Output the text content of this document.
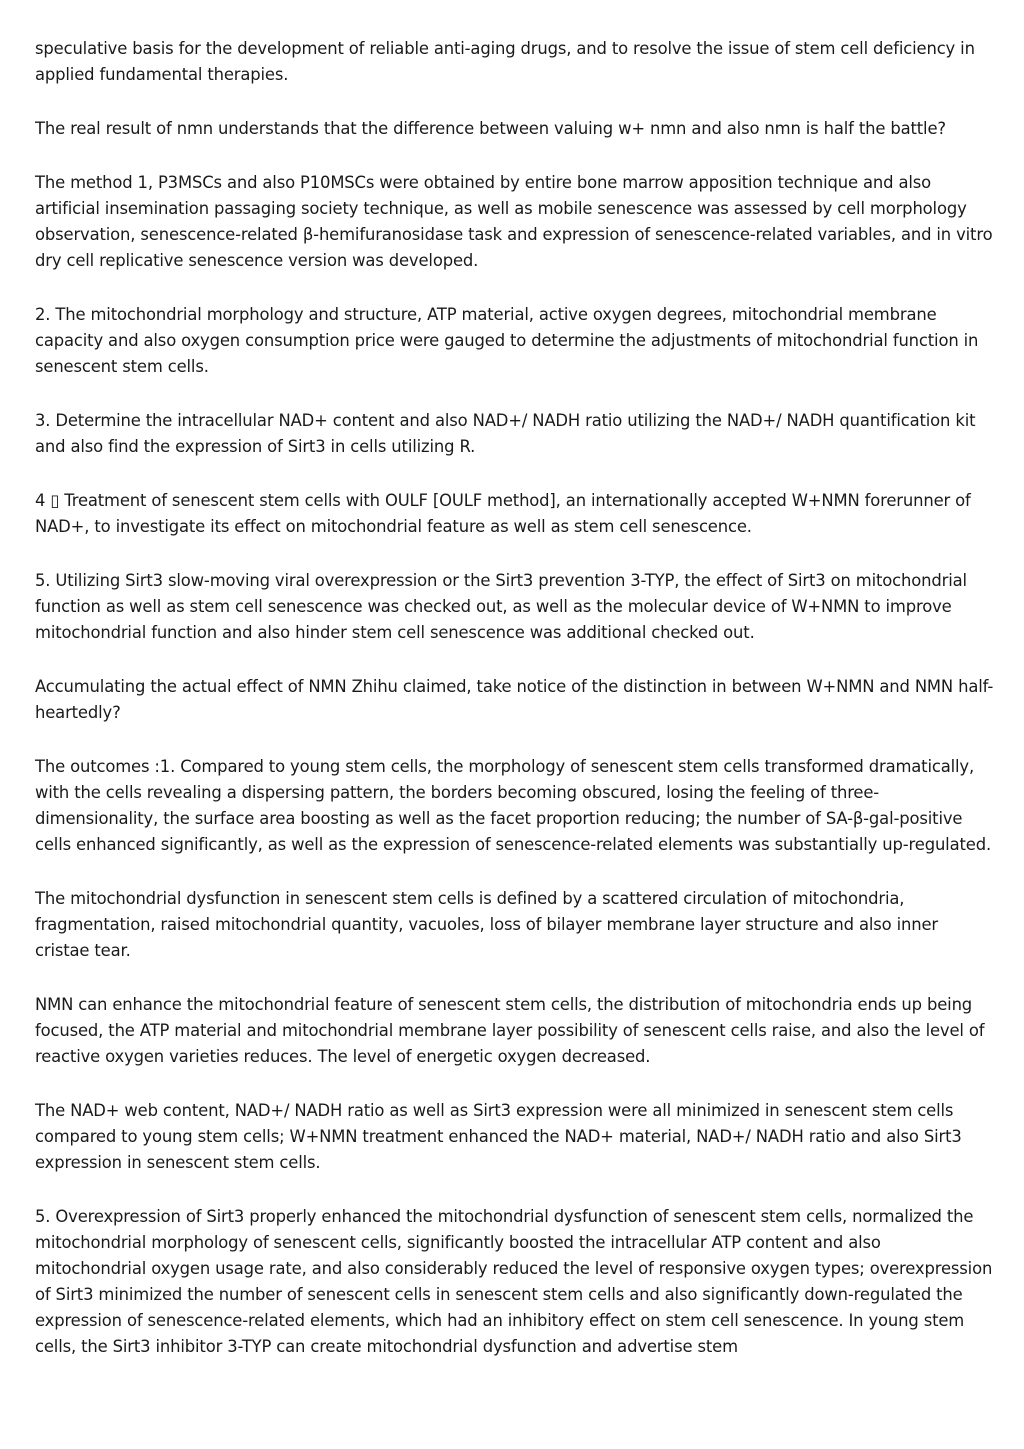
speculative basis for the development of reliable anti-aging drugs, and to resolve the issue of stem cell deficiency in applied fundamental therapies.

The real result of nmn understands that the difference between valuing w+ nmn and also nmn is half the battle?

The method 1, P3MSCs and also P10MSCs were obtained by entire bone marrow apposition technique and also artificial insemination passaging society technique, as well as mobile senescence was assessed by cell morphology observation, senescence-related β-hemifuranosidase task and expression of senescence-related variables, and in vitro dry cell replicative senescence version was developed.

2. The mitochondrial morphology and structure, ATP material, active oxygen degrees, mitochondrial membrane capacity and also oxygen consumption price were gauged to determine the adjustments of mitochondrial function in senescent stem cells.

3. Determine the intracellular NAD+ content and also NAD+/ NADH ratio utilizing the NAD+/ NADH quantification kit and also find the expression of Sirt3 in cells utilizing R.

4 ▯ Treatment of senescent stem cells with OULF [OULF method], an internationally accepted W+NMN forerunner of NAD+, to investigate its effect on mitochondrial feature as well as stem cell senescence.

5. Utilizing Sirt3 slow-moving viral overexpression or the Sirt3 prevention 3-TYP, the effect of Sirt3 on mitochondrial function as well as stem cell senescence was checked out, as well as the molecular device of W+NMN to improve mitochondrial function and also hinder stem cell senescence was additional checked out.

Accumulating the actual effect of NMN Zhihu claimed, take notice of the distinction in between W+NMN and NMN half-heartedly?

The outcomes :1. Compared to young stem cells, the morphology of senescent stem cells transformed dramatically, with the cells revealing a dispersing pattern, the borders becoming obscured, losing the feeling of three-dimensionality, the surface area boosting as well as the facet proportion reducing; the number of SA-β-gal-positive cells enhanced significantly, as well as the expression of senescence-related elements was substantially up-regulated.

The mitochondrial dysfunction in senescent stem cells is defined by a scattered circulation of mitochondria, fragmentation, raised mitochondrial quantity, vacuoles, loss of bilayer membrane layer structure and also inner cristae tear.

NMN can enhance the mitochondrial feature of senescent stem cells, the distribution of mitochondria ends up being focused, the ATP material and mitochondrial membrane layer possibility of senescent cells raise, and also the level of reactive oxygen varieties reduces. The level of energetic oxygen decreased.

The NAD+ web content, NAD+/ NADH ratio as well as Sirt3 expression were all minimized in senescent stem cells compared to young stem cells; W+NMN treatment enhanced the NAD+ material, NAD+/ NADH ratio and also Sirt3 expression in senescent stem cells.

5. Overexpression of Sirt3 properly enhanced the mitochondrial dysfunction of senescent stem cells, normalized the mitochondrial morphology of senescent cells, significantly boosted the intracellular ATP content and also mitochondrial oxygen usage rate, and also considerably reduced the level of responsive oxygen types; overexpression of Sirt3 minimized the number of senescent cells in senescent stem cells and also significantly down-regulated the expression of senescence-related elements, which had an inhibitory effect on stem cell senescence. In young stem cells, the Sirt3 inhibitor 3-TYP can create mitochondrial dysfunction and advertise stem
